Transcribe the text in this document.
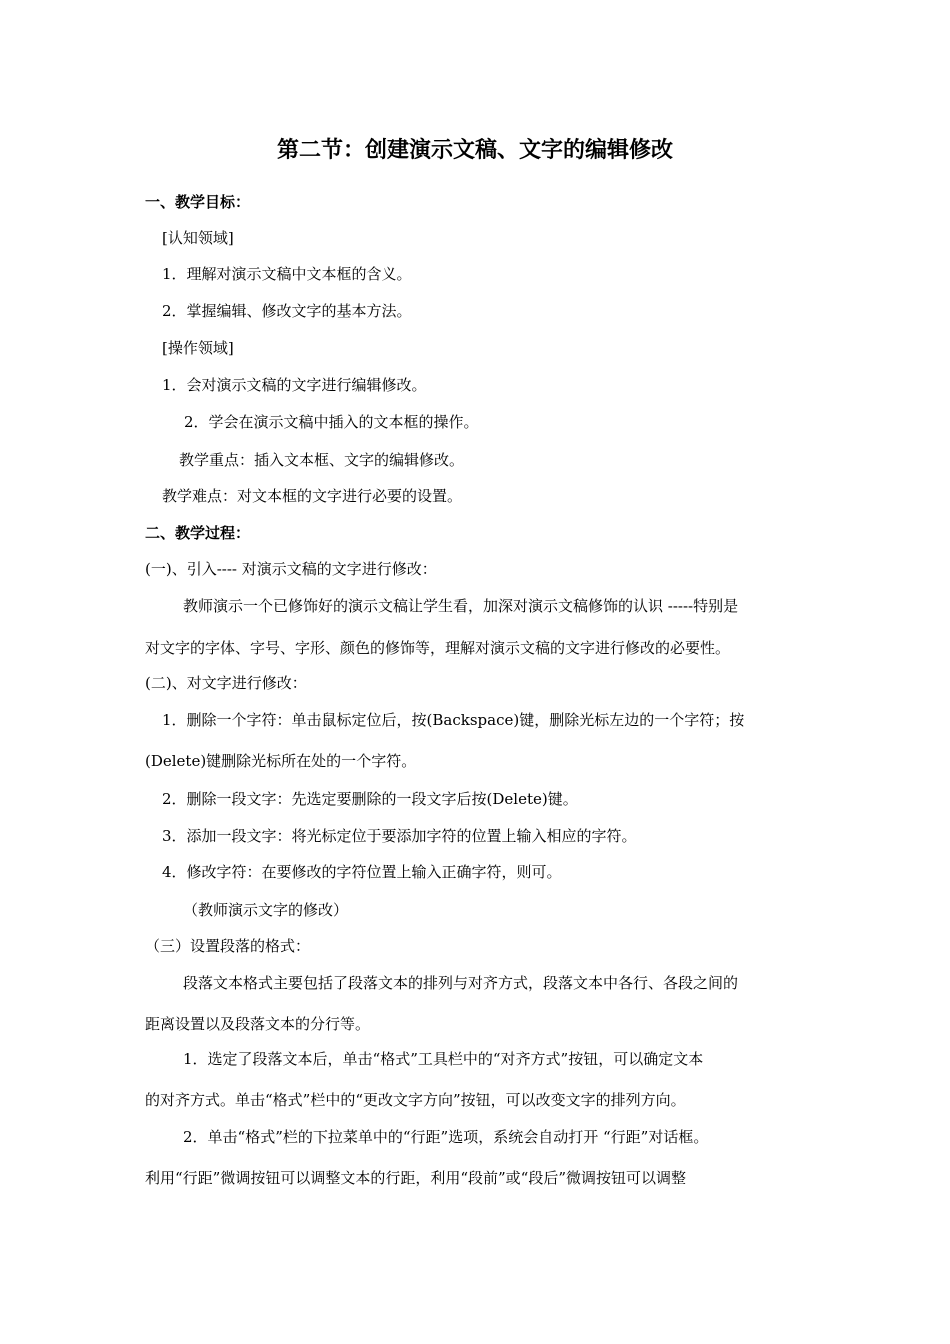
第二节：创建演示文稿、文字的编辑修改
一、教学目标：
[认知领域]
1．理解对演示文稿中文本框的含义。
2．掌握编辑、修改文字的基本方法。
[操作领域]
1．会对演示文稿的文字进行编辑修改。
2．学会在演示文稿中插入的文本框的操作。
教学重点：插入文本框、文字的编辑修改。
教学难点：对文本框的文字进行必要的设置。
二、教学过程：
(一)、引入---- 对演示文稿的文字进行修改：
教师演示一个已修饰好的演示文稿让学生看，加深对演示文稿修饰的认识 -----特别是
对文字的字体、字号、字形、颜色的修饰等，理解对演示文稿的文字进行修改的必要性。
(二)、对文字进行修改：
1．删除一个字符：单击鼠标定位后，按(Backspace)键，删除光标左边的一个字符；按
(Delete)键删除光标所在处的一个字符。
2．删除一段文字：先选定要删除的一段文字后按(Delete)键。
3．添加一段文字：将光标定位于要添加字符的位置上输入相应的字符。
4．修改字符：在要修改的字符位置上输入正确字符，则可。
（教师演示文字的修改）
（三）设置段落的格式：
段落文本格式主要包括了段落文本的排列与对齐方式，段落文本中各行、各段之间的
距离设置以及段落文本的分行等。
1．选定了段落文本后，单击“格式”工具栏中的“对齐方式”按钮，可以确定文本
的对齐方式。单击“格式”栏中的“更改文字方向”按钮，可以改变文字的排列方向。
2．单击“格式”栏的下拉菜单中的“行距”选项，系统会自动打开 “行距”对话框。
利用“行距”微调按钮可以调整文本的行距，利用“段前”或“段后”微调按钮可以调整
